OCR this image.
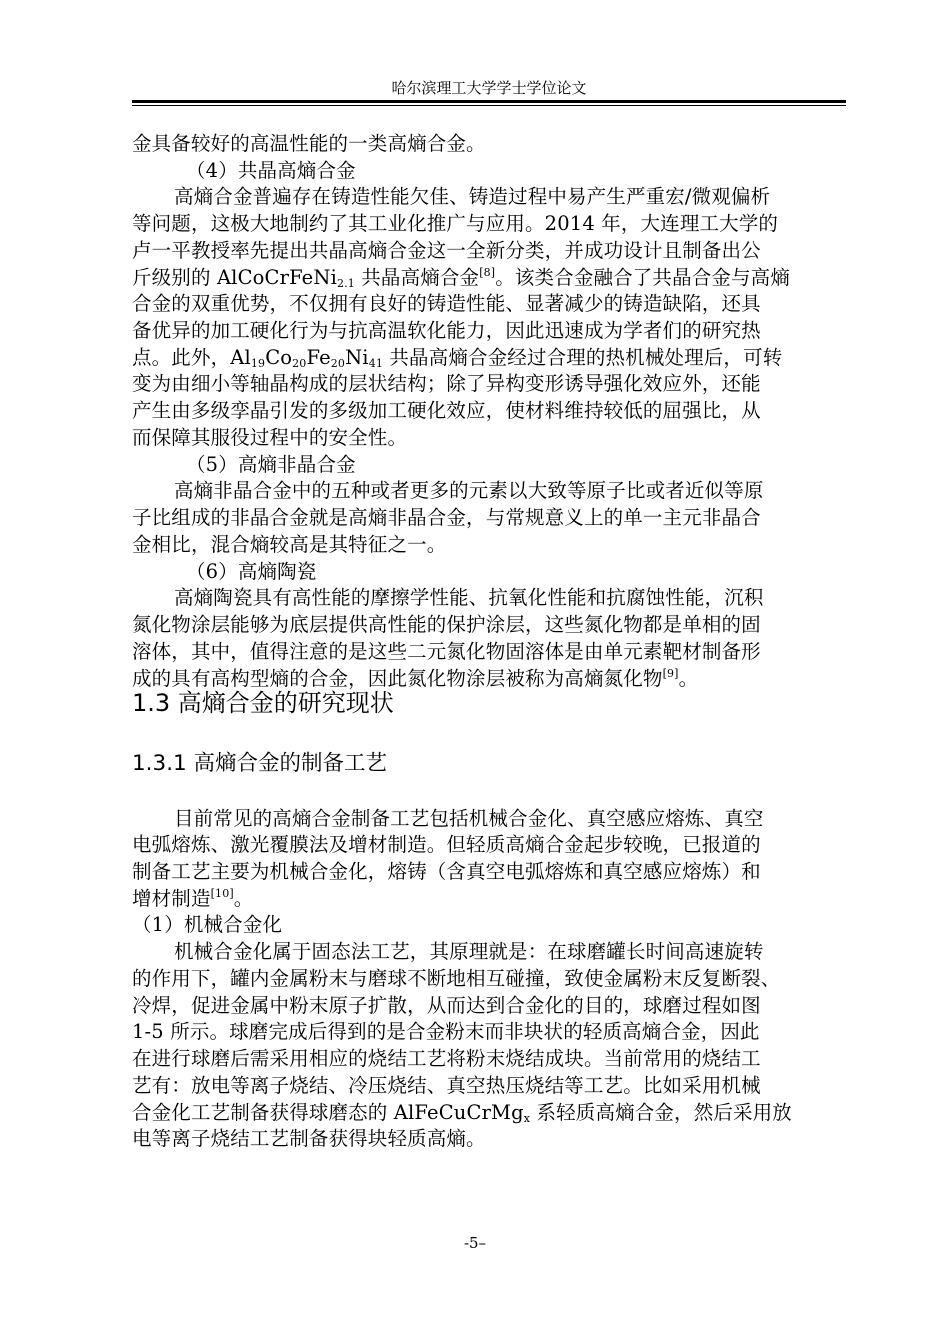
哈尔滨理工大学学士学位论文
金具备较好的高温性能的一类高熵合金。
（4）共晶高熵合金
高熵合金普遍存在铸造性能欠佳、铸造过程中易产生严重宏/微观偏析
等问题，这极大地制约了其工业化推广与应用。2014 年，大连理工大学的
卢一平教授率先提出共晶高熵合金这一全新分类，并成功设计且制备出公
斤级别的 AlCoCrFeNi$_{2.1}$ 共晶高熵合金[8]。该类合金融合了共晶合金与高熵
合金的双重优势，不仅拥有良好的铸造性能、显著减少的铸造缺陷，还具
备优异的加工硬化行为与抗高温软化能力，因此迅速成为学者们的研究热
点。此外，$Al_{19}Co_{20}Fe_{20}Ni_{41}$ 共晶高熵合金经过合理的热机械处理后，可转
变为由细小等轴晶构成的层状结构；除了异构变形诱导强化效应外，还能
产生由多级孪晶引发的多级加工硬化效应，使材料维持较低的屈强比，从
而保障其服役过程中的安全性。
（5）高熵非晶合金
高熵非晶合金中的五种或者更多的元素以大致等原子比或者近似等原
子比组成的非晶合金就是高熵非晶合金，与常规意义上的单一主元非晶合
金相比，混合熵较高是其特征之一。
（6）高熵陶瓷
高熵陶瓷具有高性能的摩擦学性能、抗氧化性能和抗腐蚀性能，沉积
氮化物涂层能够为底层提供高性能的保护涂层，这些氮化物都是单相的固
溶体，其中，值得注意的是这些二元氮化物固溶体是由单元素靶材制备形
成的具有高构型熵的合金，因此氮化物涂层被称为高熵氮化物[9]。
1.3 高熵合金的研究现状
1.3.1 高熵合金的制备工艺
目前常见的高熵合金制备工艺包括机械合金化、真空感应熔炼、真空
电弧熔炼、激光覆膜法及增材制造。但轻质高熵合金起步较晚，已报道的
制备工艺主要为机械合金化，熔铸（含真空电弧熔炼和真空感应熔炼）和
增材制造[10]。
（1）机械合金化
机械合金化属于固态法工艺，其原理就是：在球磨罐长时间高速旋转
的作用下，罐内金属粉末与磨球不断地相互碰撞，致使金属粉末反复断裂、
冷焊，促进金属中粉末原子扩散，从而达到合金化的目的，球磨过程如图
1-5 所示。球磨完成后得到的是合金粉末而非块状的轻质高熵合金，因此
在进行球磨后需采用相应的烧结工艺将粉末烧结成块。当前常用的烧结工
艺有：放电等离子烧结、冷压烧结、真空热压烧结等工艺。比如采用机械
合金化工艺制备获得球磨态的 AlFeCuCrMg$_x$ 系轻质高熵合金，然后采用放
电等离子烧结工艺制备获得块轻质高熵。
-5–
